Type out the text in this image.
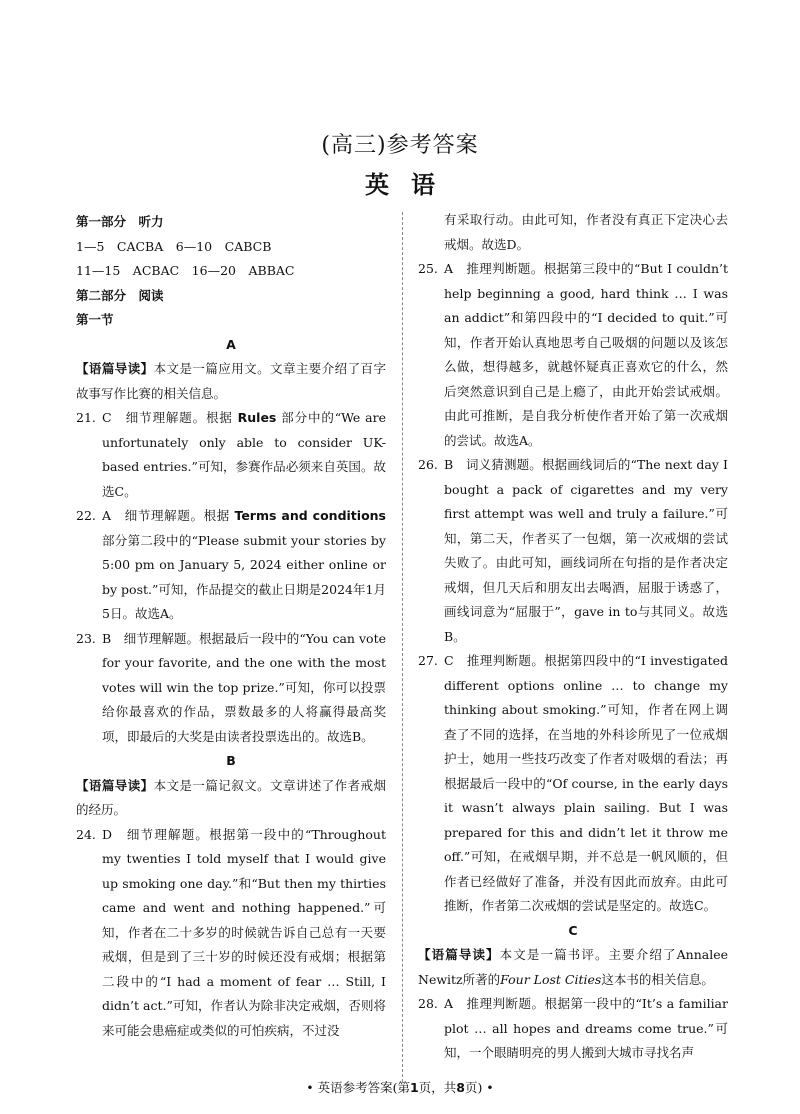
(高三)参考答案
英语
第一部分　听力
1—5　CACBA　6—10　CABCB
11—15　ACBAC　16—20　ABBAC
第二部分　阅读
第一节
A
【语篇导读】本文是一篇应用文。文章主要介绍了百字故事写作比赛的相关信息。
21. C　细节理解题。根据 Rules 部分中的“We are unfortunately only able to consider UK-based entries.”可知，参赛作品必须来自英国。故选C。
22. A　细节理解题。根据 Terms and conditions 部分第二段中的“Please submit your stories by 5:00 pm on January 5, 2024 either online or by post.”可知，作品提交的截止日期是2024年1月5日。故选A。
23. B　细节理解题。根据最后一段中的“You can vote for your favorite, and the one with the most votes will win the top prize.”可知，你可以投票给你最喜欢的作品，票数最多的人将赢得最高奖项，即最后的大奖是由读者投票选出的。故选B。
B
【语篇导读】本文是一篇记叙文。文章讲述了作者戒烟的经历。
24. D　细节理解题。根据第一段中的“Throughout my twenties I told myself that I would give up smoking one day.”和“But then my thirties came and went and nothing happened.”可知，作者在二十多岁的时候就告诉自己总有一天要戒烟，但是到了三十岁的时候还没有戒烟；根据第二段中的“I had a moment of fear … Still, I didn’t act.”可知，作者认为除非决定戒烟，否则将来可能会患癌症或类似的可怕疾病，不过没
有采取行动。由此可知，作者没有真正下定决心去戒烟。故选D。
25. A　推理判断题。根据第三段中的“But I couldn’t help beginning a good, hard think … I was an addict”和第四段中的“I decided to quit.”可知，作者开始认真地思考自己吸烟的问题以及该怎么做，想得越多，就越怀疑真正喜欢它的什么，然后突然意识到自己是上瘾了，由此开始尝试戒烟。由此可推断，是自我分析使作者开始了第一次戒烟的尝试。故选A。
26. B　词义猜测题。根据画线词后的“The next day I bought a pack of cigarettes and my very first attempt was well and truly a failure.”可知，第二天，作者买了一包烟，第一次戒烟的尝试失败了。由此可知，画线词所在句指的是作者决定戒烟，但几天后和朋友出去喝酒，屈服于诱惑了，画线词意为“屈服于”，gave in to与其同义。故选B。
27. C　推理判断题。根据第四段中的“I investigated different options online … to change my thinking about smoking.”可知，作者在网上调查了不同的选择，在当地的外科诊所见了一位戒烟护士，她用一些技巧改变了作者对吸烟的看法；再根据最后一段中的“Of course, in the early days it wasn’t always plain sailing. But I was prepared for this and didn’t let it throw me off.”可知，在戒烟早期，并不总是一帆风顺的，但作者已经做好了准备，并没有因此而放弃。由此可推断，作者第二次戒烟的尝试是坚定的。故选C。
C
【语篇导读】本文是一篇书评。主要介绍了Annalee Newitz所著的Four Lost Cities这本书的相关信息。
28. A　推理判断题。根据第一段中的“It’s a familiar plot … all hopes and dreams come true.”可知，一个眼睛明亮的男人搬到大城市寻找名声
• 英语参考答案(第1页，共8页) •
